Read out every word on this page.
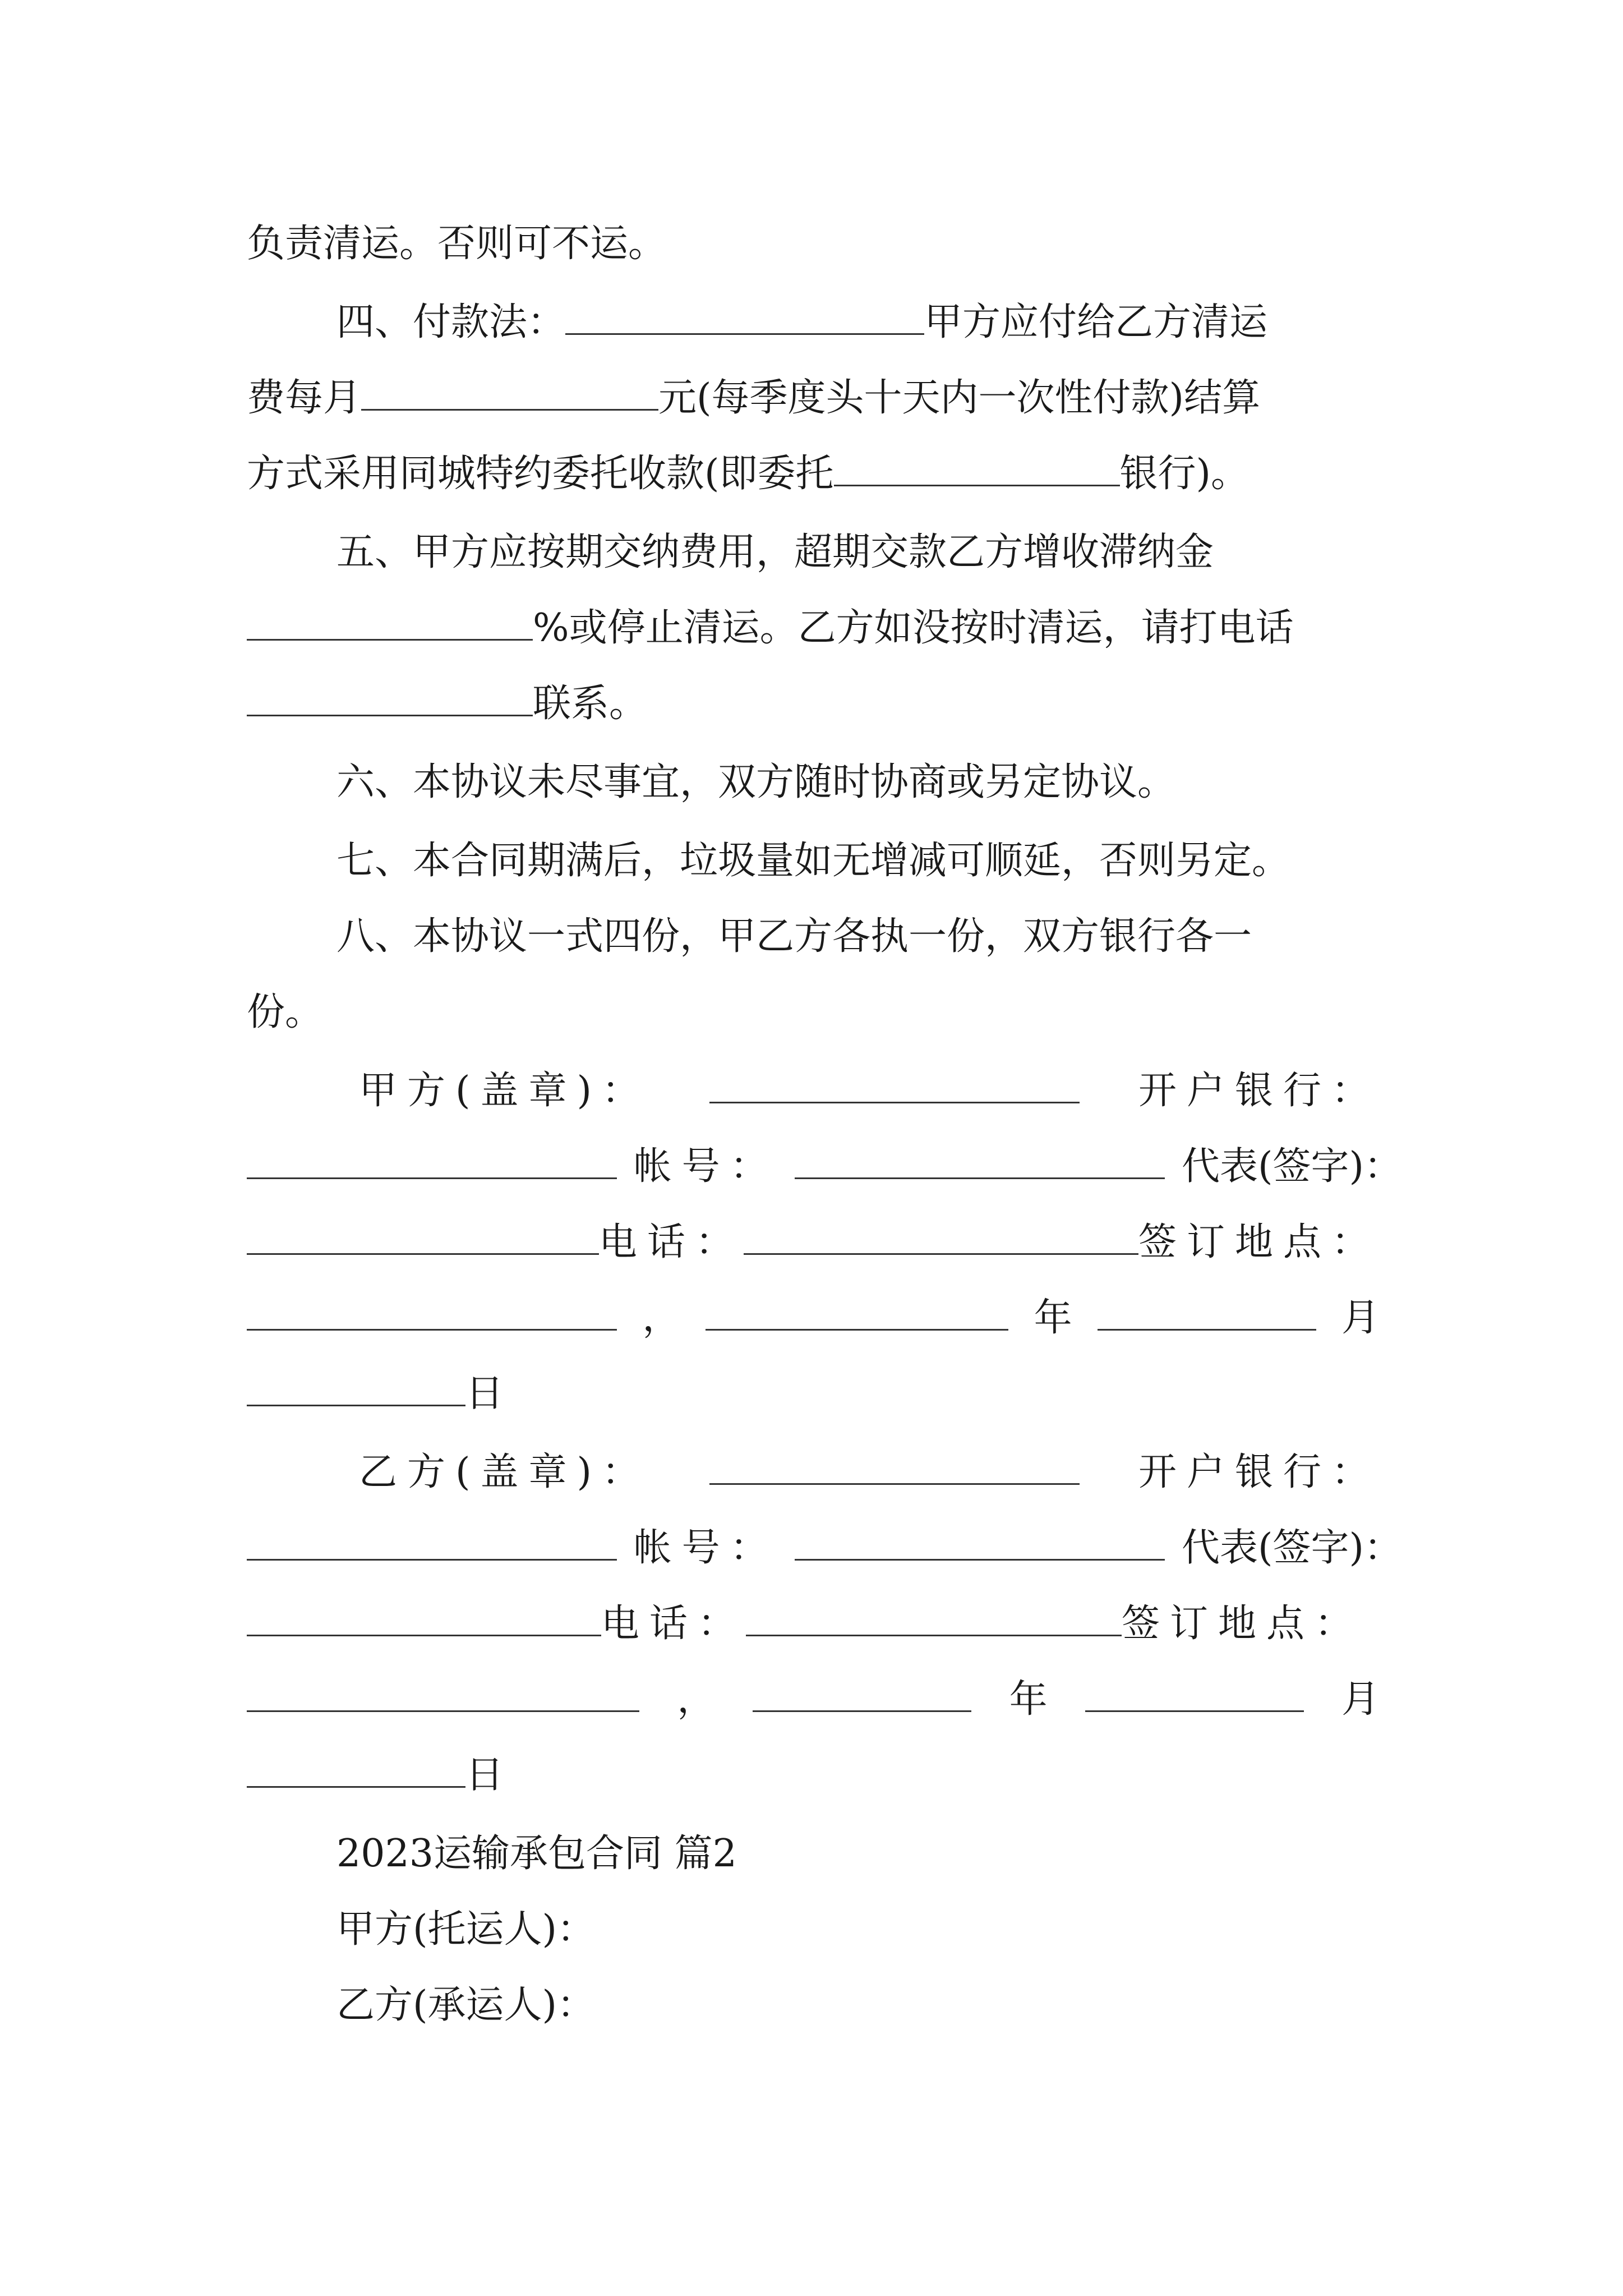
负责清运。否则可不运。
四、付款法：	甲方应付给乙方清运
费每月	元(每季度头十天内一次性付款)结算
方式采用同城特约委托收款(即委托	银行)。
五、甲方应按期交纳费用，超期交款乙方增收滞纳金
%或停止清运。乙方如没按时清运，请打电话
联系。
六、本协议未尽事宜，双方随时协商或另定协议。
七、本合同期满后，垃圾量如无增减可顺延，否则另定。
八、本协议一式四份，甲乙方各执一份，双方银行各一
份。
甲方(盖章)：	开户银行：
帐号：	代表(签字)：
电话：	签订地点：
，	年	月
日
乙方(盖章)：	开户银行：
帐号：	代表(签字)：
电话：	签订地点：
，	年	月
日
2023运输承包合同 篇2
甲方(托运人)：
乙方(承运人)：
